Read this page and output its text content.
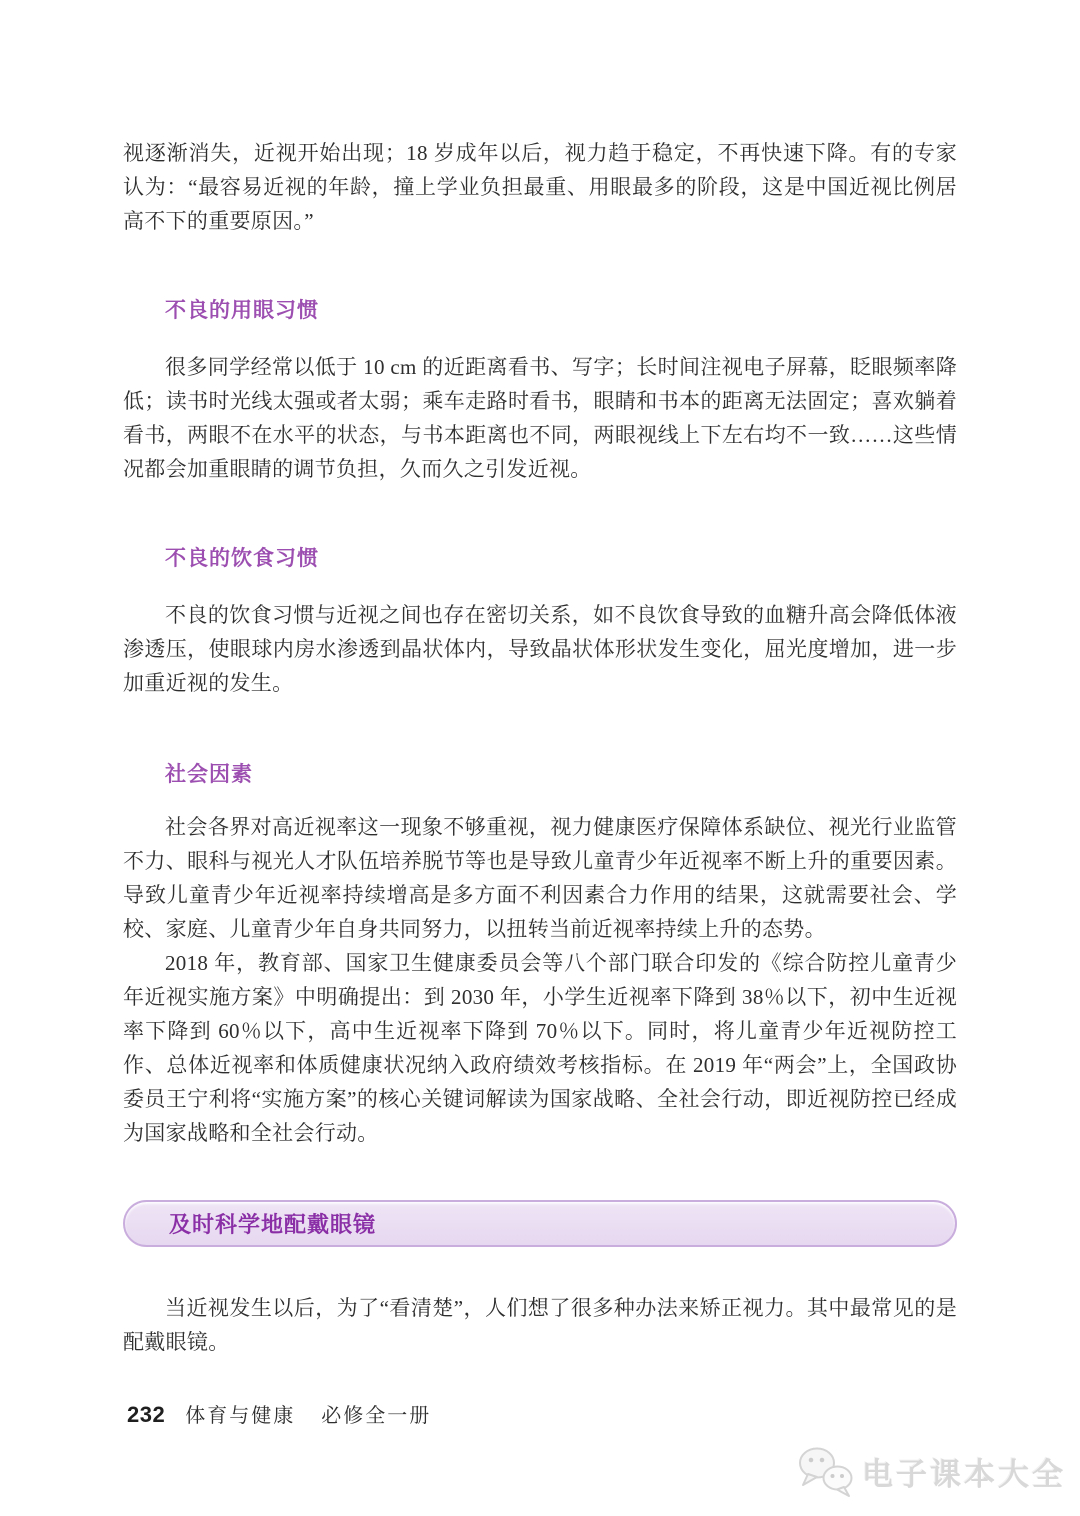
视逐渐消失，近视开始出现；18 岁成年以后，视力趋于稳定，不再快速下降。有的专家认为：“最容易近视的年龄，撞上学业负担最重、用眼最多的阶段，这是中国近视比例居高不下的重要原因。”

不良的用眼习惯

很多同学经常以低于 10 cm 的近距离看书、写字；长时间注视电子屏幕，眨眼频率降低；读书时光线太强或者太弱；乘车走路时看书，眼睛和书本的距离无法固定；喜欢躺着看书，两眼不在水平的状态，与书本距离也不同，两眼视线上下左右均不一致……这些情况都会加重眼睛的调节负担，久而久之引发近视。

不良的饮食习惯

不良的饮食习惯与近视之间也存在密切关系，如不良饮食导致的血糖升高会降低体液渗透压，使眼球内房水渗透到晶状体内，导致晶状体形状发生变化，屈光度增加，进一步加重近视的发生。

社会因素

社会各界对高近视率这一现象不够重视，视力健康医疗保障体系缺位、视光行业监管不力、眼科与视光人才队伍培养脱节等也是导致儿童青少年近视率不断上升的重要因素。导致儿童青少年近视率持续增高是多方面不利因素合力作用的结果，这就需要社会、学校、家庭、儿童青少年自身共同努力，以扭转当前近视率持续上升的态势。

2018 年，教育部、国家卫生健康委员会等八个部门联合印发的《综合防控儿童青少年近视实施方案》中明确提出：到 2030 年，小学生近视率下降到 38％以下，初中生近视率下降到 60％以下，高中生近视率下降到 70％以下。同时，将儿童青少年近视防控工作、总体近视率和体质健康状况纳入政府绩效考核指标。在 2019 年“两会”上，全国政协委员王宁利将“实施方案”的核心关键词解读为国家战略、全社会行动，即近视防控已经成为国家战略和全社会行动。

及时科学地配戴眼镜

当近视发生以后，为了“看清楚”，人们想了很多种办法来矫正视力。其中最常见的是配戴眼镜。

232 体育与健康 必修全一册
电子课本大全
